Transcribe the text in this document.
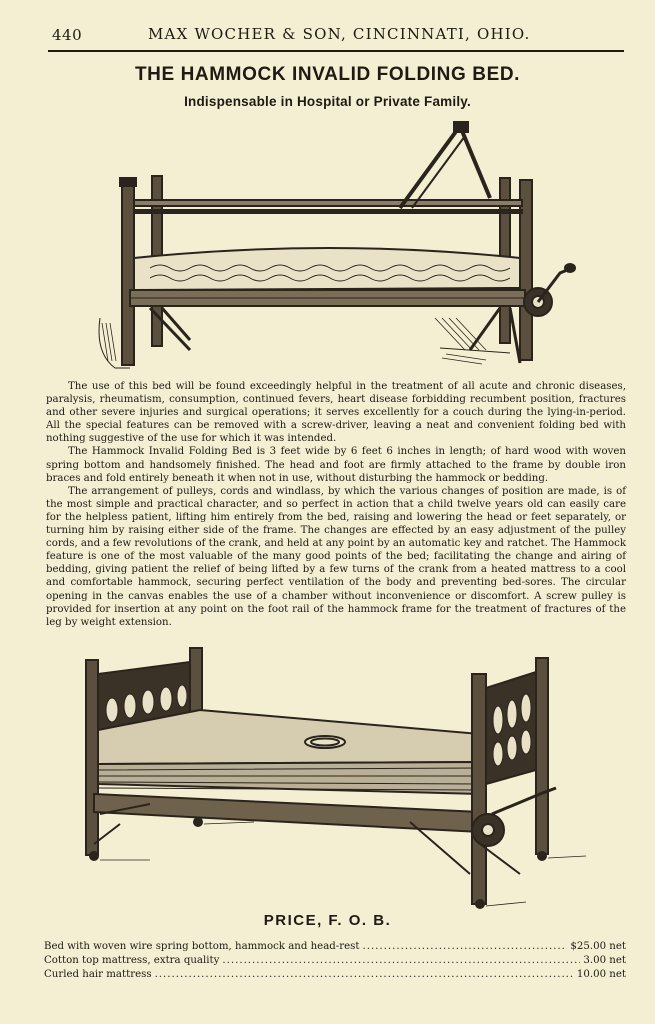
440	MAX WOCHER & SON, CINCINNATI, OHIO.
THE HAMMOCK INVALID FOLDING BED.
Indispensable in Hospital or Private Family.

The use of this bed will be found exceedingly helpful in the treatment of all acute and chronic diseases, paralysis, rheumatism, consumption, continued fevers, heart disease forbidding recumbent position, fractures and other severe injuries and surgical operations; it serves excellently for a couch during the lying-in-period. All the special features can be removed with a screw-driver, leaving a neat and convenient folding bed with nothing suggestive of the use for which it was intended.

The Hammock Invalid Folding Bed is 3 feet wide by 6 feet 6 inches in length; of hard wood with woven spring bottom and handsomely finished. The head and foot are firmly attached to the frame by double iron braces and fold entirely beneath it when not in use, without disturbing the hammock or bedding.

The arrangement of pulleys, cords and windlass, by which the various changes of position are made, is of the most simple and practical character, and so perfect in action that a child twelve years old can easily care for the helpless patient, lifting him entirely from the bed, raising and lowering the head or feet separately, or turning him by raising either side of the frame. The changes are effected by an easy adjustment of the pulley cords, and a few revolutions of the crank, and held at any point by an automatic key and ratchet. The Hammock feature is one of the most valuable of the many good points of the bed; facilitating the change and airing of bedding, giving patient the relief of being lifted by a few turns of the crank from a heated mattress to a cool and comfortable hammock, securing perfect ventilation of the body and preventing bed-sores. The circular opening in the canvas enables the use of a chamber without inconvenience or discomfort. A screw pulley is provided for insertion at any point on the foot rail of the hammock frame for the treatment of fractures of the leg by weight extension.

PRICE, F. O. B.
Bed with woven wire spring bottom, hammock and head-rest .....	$25.00 net
Cotton top mattress, extra quality .....	3.00 net
Curled hair mattress .....	10.00 net
